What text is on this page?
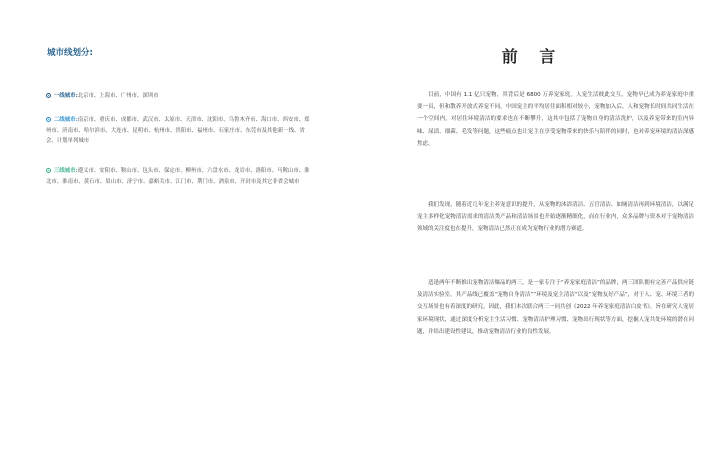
城市线划分:
一线城市:北京市、上海市、广州市、深圳市
二线城市:南京市、重庆市、成都市、武汉市、太原市、天津市、沈阳市、乌鲁木齐市、海口市、西安市、郑州市、济南市、哈尔滨市、大连市、昆明市、杭州市、贵阳市、福州市、石家庄市、东莞市及其他新一线、省会、计划单列城市
三线城市:遵义市、安阳市、鞍山市、包头市、保定市、柳州市、六盘水市、龙岩市、洛阳市、马鞍山市、淮北市、淮南市、黄石市、眉山市、济宁市、嘉峪关市、江门市、荆门市、酒泉市、开封市及其它非省会城市
前 言

目前，中国有 1.1 亿只宠物，其背后是 6800 万养宠家庭。人宠生活彼此交互，宠物早已成为养宠家庭中重要一员，但和散养开放式养宠不同，中国宠主的平均居住面积相对较小，宠物加入后，人和宠物长时间共同生活在一个空间内，对居住环境清洁的要求也在不断攀升，这其中包括了宠物自身的清洁洗护，以及养宠带来的室内异味、尿渍、细菌、毛发等问题，这些痛点也让宠主在享受宠物带来的快乐与陪伴的同时，也对养宠环境的清洁深感焦虑。

我们发现，随着近几年宠主养宠意识的提升，从宠物的沐浴清洁、五官清洁、如厕清洁再到环境清洁，以满足宠主多样化宠物清洁需求的清洁类产品和清洁场景也开始逐渐精细化，而在行业内，众多品牌与资本对于宠物清洁领域的关注度也在提升，宠物清洁已然正在成为宠物行业的潜力赛道。

适逢两年不断推出宠物清洁爆品的两三，是一家专注于“养宠家庭清洁”的品牌，两三团队拥有完善产品供应链及清洁实验室，其产品线已覆盖“宠物自身清洁”“环境及宠主清洁”以及“宠物友好产品”，对于人、宠、环境三者的交互场景也有着深度的研究。因此，我们本次联合两三一同共创《2022 年养宠家庭清洁白皮书》，旨在研究人宠居家环境现状，通过深度分析宠主生活习惯、宠物清洁护理习惯、宠物出行现状等方面，挖掘人宠共处环境的潜在问题，并给出建设性建议，推动宠物清洁行业的良性发展。
